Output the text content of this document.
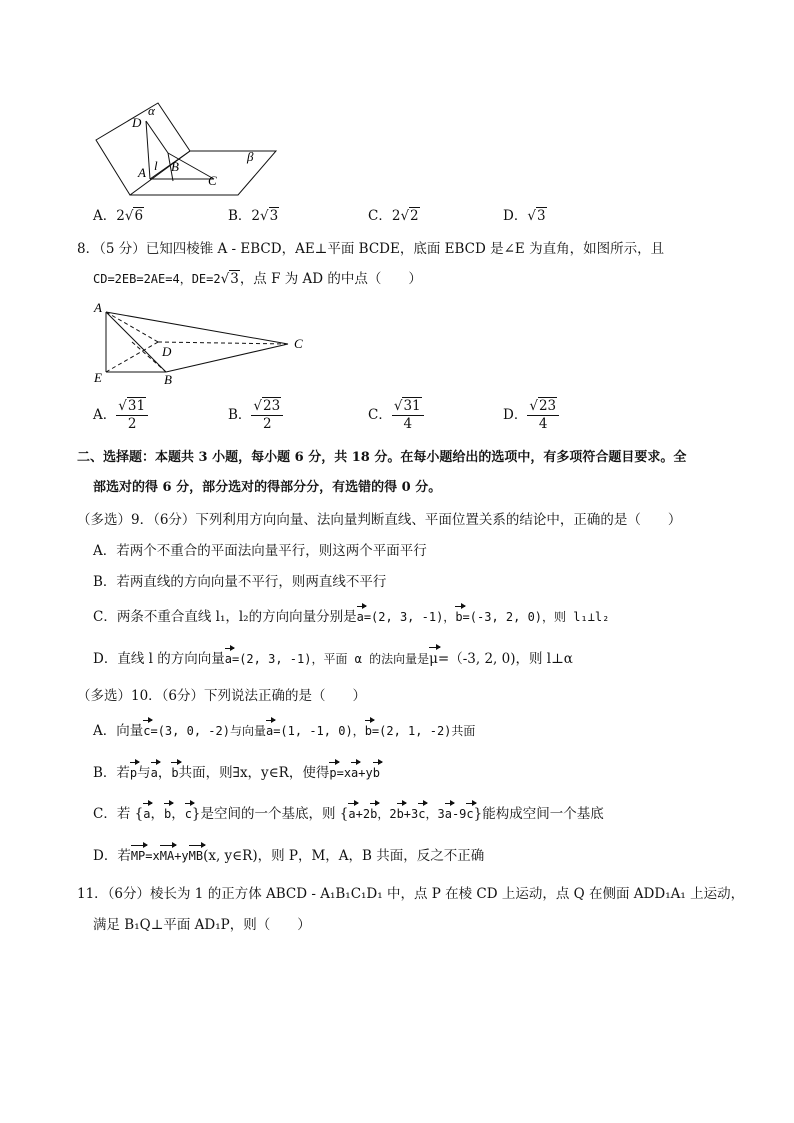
α
D
l
A B
C
β
A．2√6	B．2√3	C．2√2	D．√3
8．（5 分）已知四棱锥 A - EBCD，AE⊥平面 BCDE，底面 EBCD 是∠E 为直角，如图所示，且
CD=2EB=2AE=4，DE=2√3，点 F 为 AD 的中点（　　）
A
C
D
E	B
A． $\frac{√31}{2}$	B． $\frac{√23}{2}$	C． $\frac{√31}{4}$	D． $\frac{√23}{4}$
二、选择题：本题共 3 小题，每小题 6 分，共 18 分。在每小题给出的选项中，有多项符合题目要求。全
部选对的得 6 分，部分选对的得部分分，有选错的得 0 分。
（多选）9．（6分）下列利用方向向量、法向量判断直线、平面位置关系的结论中，正确的是（　　）
A．若两个不重合的平面法向量平行，则这两个平面平行
B．若两直线的方向向量不平行，则两直线不平行
C．两条不重合直线 l₁，l₂的方向向量分别是a=(2, 3, -1)，b=(-3, 2, 0)，则 l₁⊥l₂
D．直线 l 的方向向量a=(2, 3, -1)，平面 α 的法向量是μ=（-3, 2, 0)，则 l⊥α
（多选）10．（6分）下列说法正确的是（　　）
A．向量c=(3, 0, -2)与向量a=(1, -1, 0)，b=(2, 1, -2)共面
B．若p与a，b共面，则∃x，y∈R，使得p=xa+yb
C．若 {a，b，c}是空间的一个基底，则 {a+2b，2b+3c，3a-9c}能构成空间一个基底
D．若MP=xMA+yMB(x, y∈R)，则 P，M，A，B 共面，反之不正确
11．（6分）棱长为 1 的正方体 ABCD - A₁B₁C₁D₁ 中，点 P 在棱 CD 上运动，点 Q 在侧面 ADD₁A₁ 上运动，
满足 B₁Q⊥平面 AD₁P，则（　　）
